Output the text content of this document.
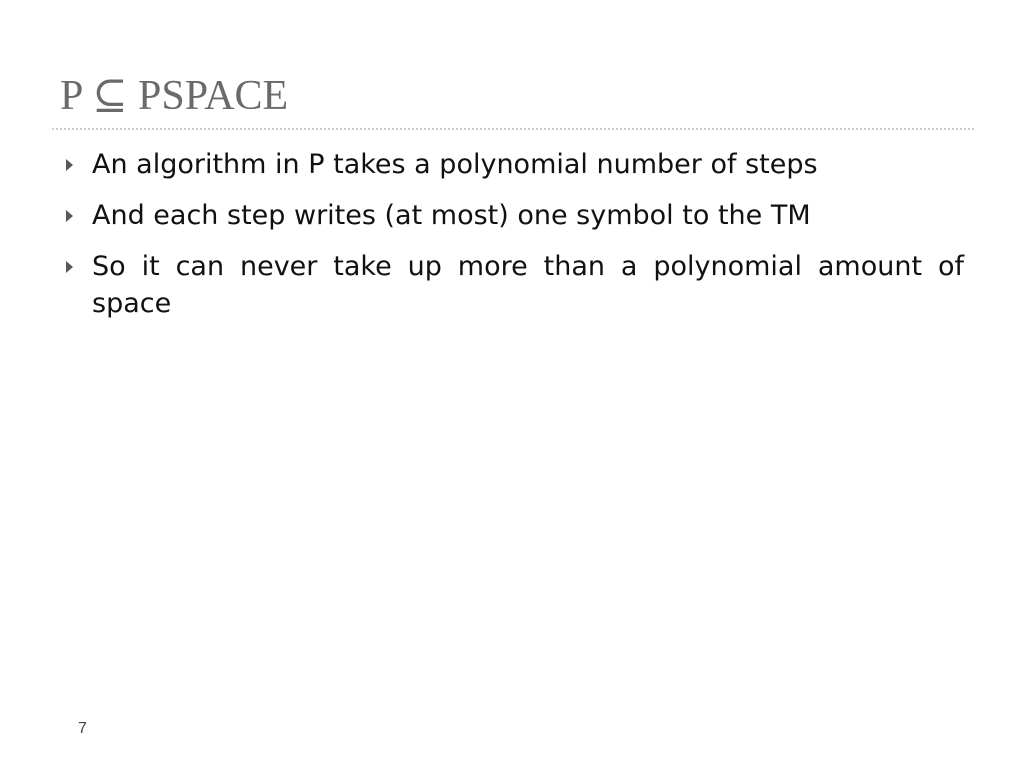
P ⊆ PSPACE
An algorithm in P takes a polynomial number of steps
And each step writes (at most) one symbol to the TM
So it can never take up more than a polynomial amount of space
7
